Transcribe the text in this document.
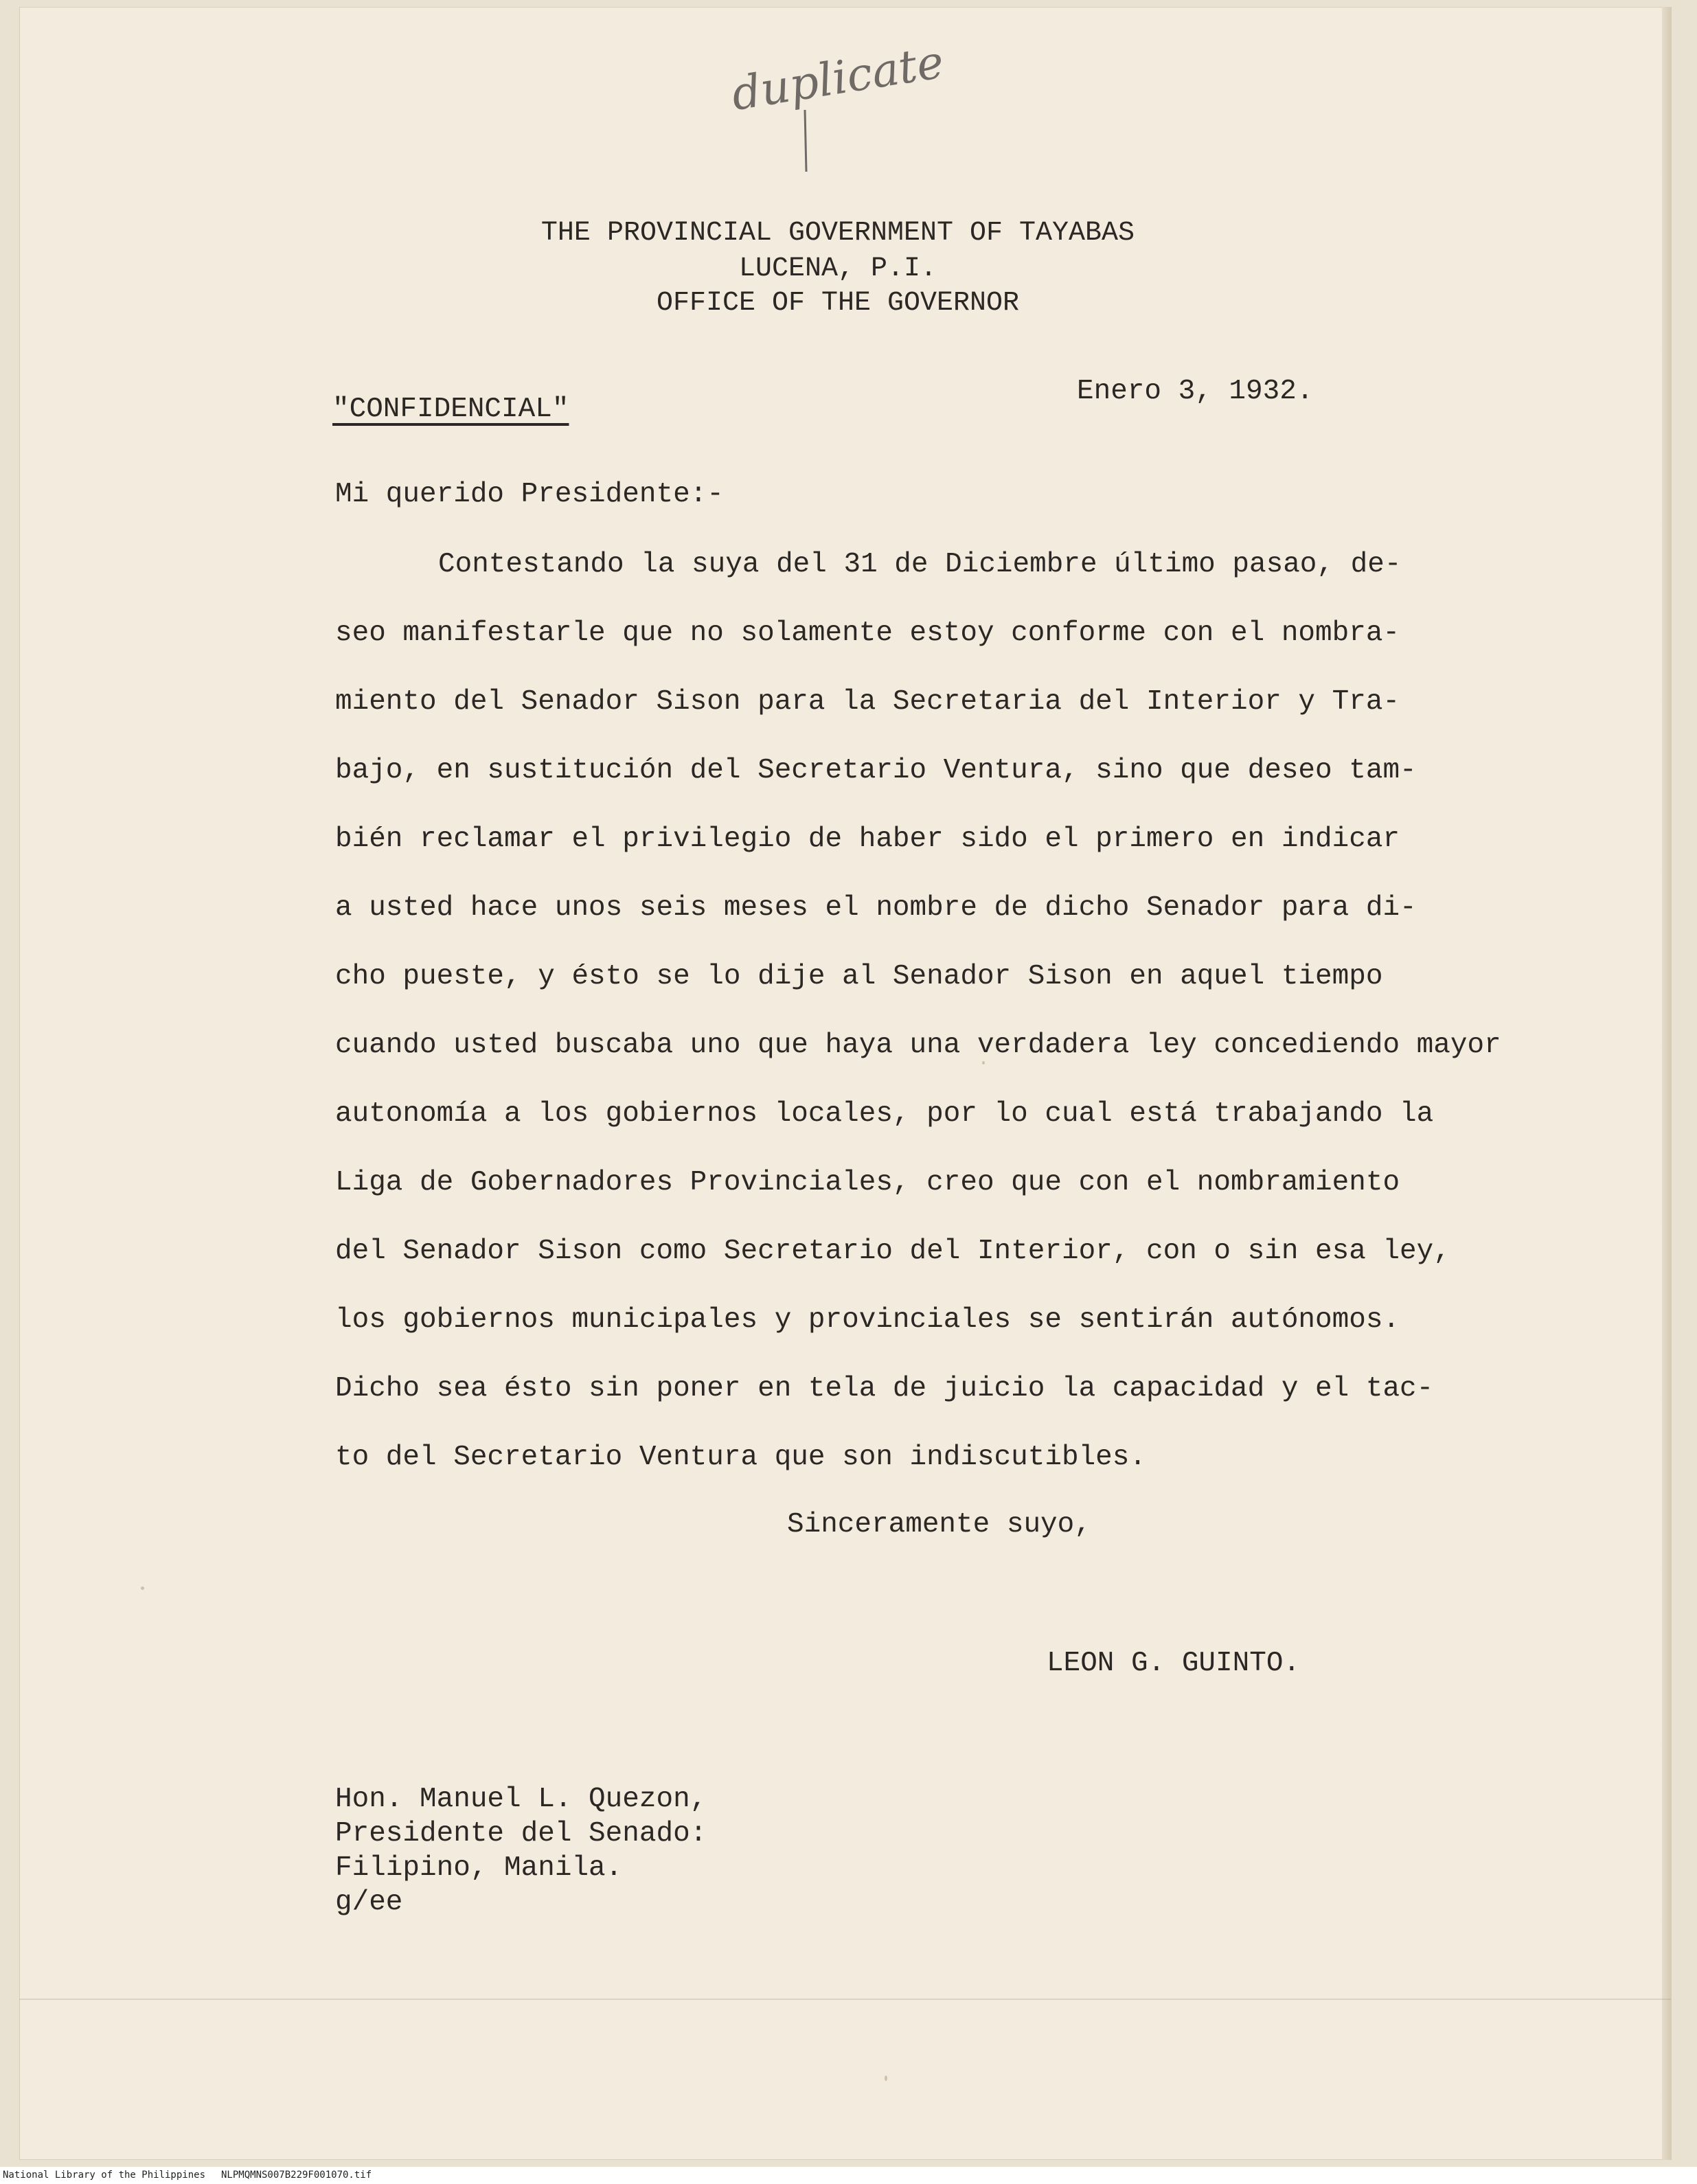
duplicate
THE PROVINCIAL GOVERNMENT OF TAYABAS
LUCENA, P.I.
OFFICE OF THE GOVERNOR
"CONFIDENCIAL"
Enero 3, 1932.
Mi querido Presidente:-
Contestando la suya del 31 de Diciembre último pasao, de-
seo manifestarle que no solamente estoy conforme con el nombra-
miento del Senador Sison para la Secretaria del Interior y Tra-
bajo, en sustitución del Secretario Ventura, sino que deseo tam-
bién reclamar el privilegio de haber sido el primero en indicar
a usted hace unos seis meses el nombre de dicho Senador para di-
cho pueste, y ésto se lo dije al Senador Sison en aquel tiempo
cuando usted buscaba uno que haya una verdadera ley concediendo mayor
autonomía a los gobiernos locales, por lo cual está trabajando la
Liga de Gobernadores Provinciales, creo que con el nombramiento
del Senador Sison como Secretario del Interior, con o sin esa ley,
los gobiernos municipales y provinciales se sentirán autónomos.
Dicho sea ésto sin poner en tela de juicio la capacidad y el tac-
to del Secretario Ventura que son indiscutibles.
Sinceramente suyo,
LEON G. GUINTO.
Hon. Manuel L. Quezon,
Presidente del Senado:
Filipino, Manila.
g/ee
National Library of the Philippines NLPMQMNS007B229F001070.tif
